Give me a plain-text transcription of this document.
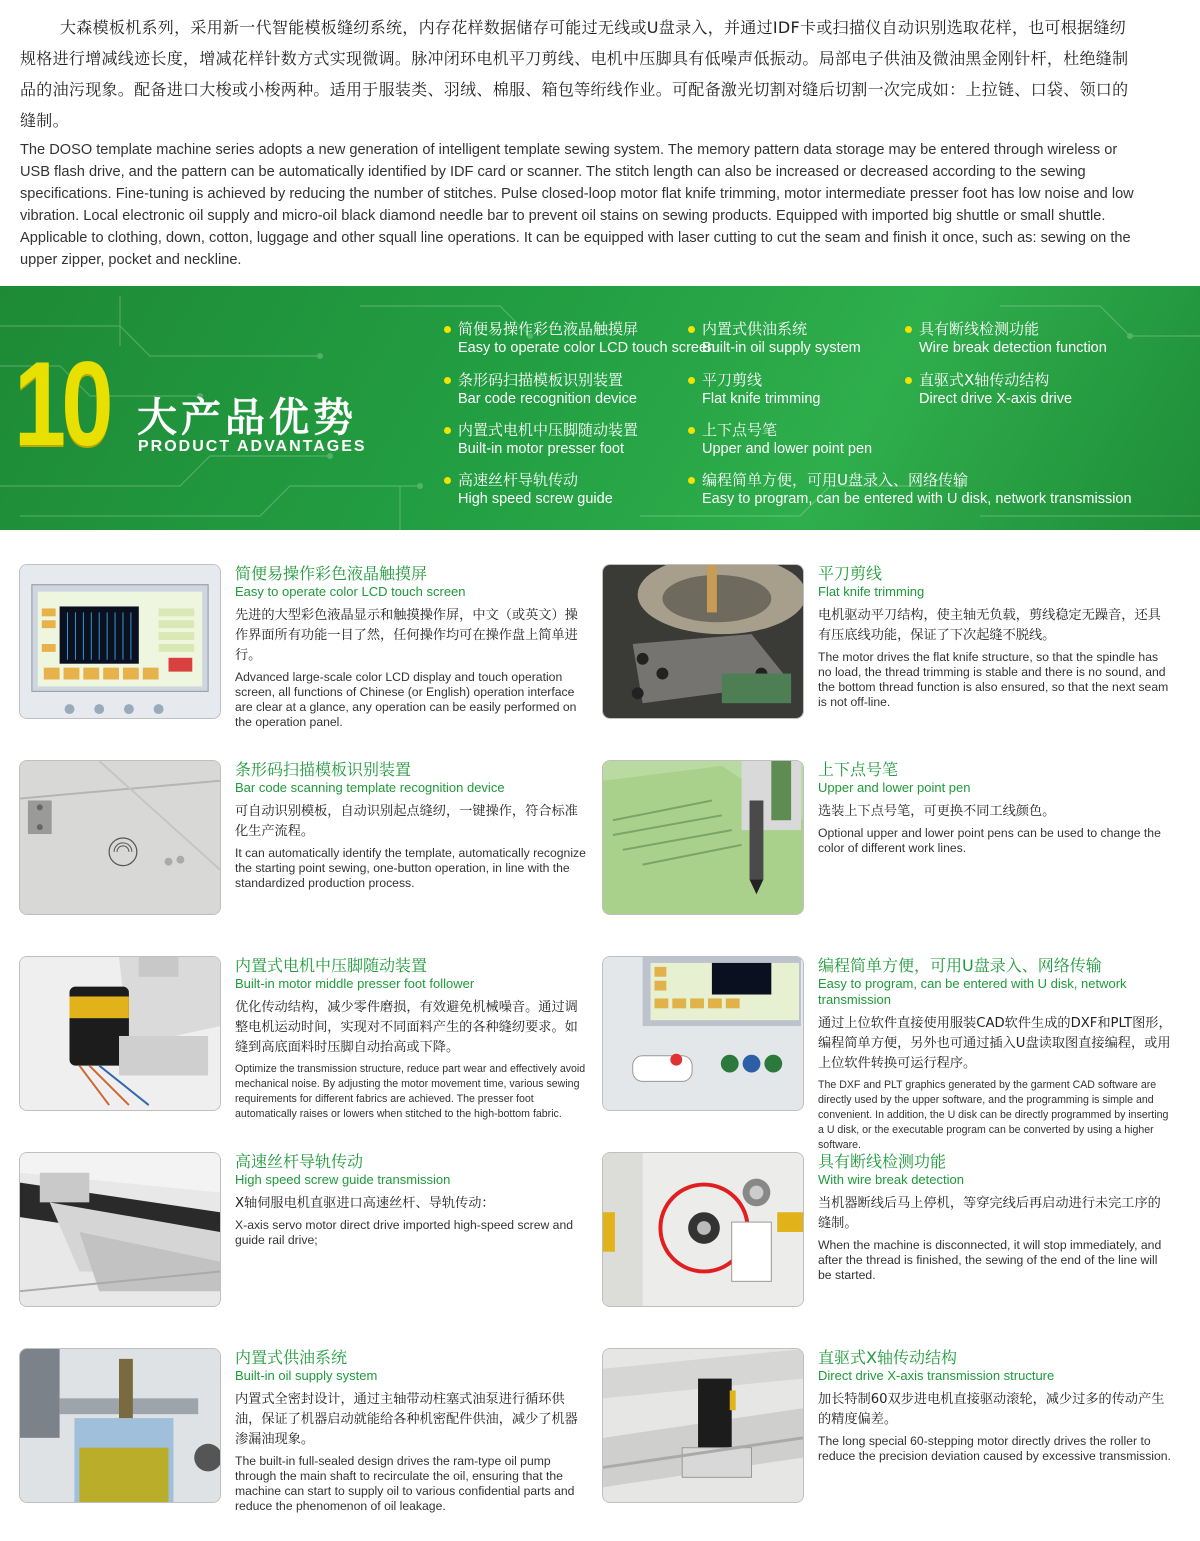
大森模板机系列，采用新一代智能模板缝纫系统，内存花样数据储存可能过无线或U盘录入，并通过IDF卡或扫描仪自动识别选取花样，也可根据缝纫规格进行增减线迹长度，增减花样针数方式实现微调。脉冲闭环电机平刀剪线、电机中压脚具有低噪声低振动。局部电子供油及微油黑金刚针杆，杜绝缝制品的油污现象。配备进口大梭或小梭两种。适用于服装类、羽绒、棉服、箱包等绗线作业。可配备激光切割对缝后切割一次完成如：上拉链、口袋、领口的缝制。

The DOSO template machine series adopts a new generation of intelligent template sewing system. The memory pattern data storage may be entered through wireless or USB flash drive, and the pattern can be automatically identified by IDF card or scanner. The stitch length can also be increased or decreased according to the sewing specifications. Fine-tuning is achieved by reducing the number of stitches. Pulse closed-loop motor flat knife trimming, motor intermediate presser foot has low noise and low vibration. Local electronic oil supply and micro-oil black diamond needle bar to prevent oil stains on sewing products. Equipped with imported big shuttle or small shuttle. Applicable to clothing, down, cotton, luggage and other squall line operations. It can be equipped with laser cutting to cut the seam and finish it once, such as: sewing on the upper zipper, pocket and neckline.

10 大产品优势
PRODUCT ADVANTAGES
简便易操作彩色液晶触摸屏
Easy to operate color LCD touch screen
条形码扫描模板识别装置
Bar code recognition device
内置式电机中压脚随动装置
Built-in motor presser foot
高速丝杆导轨传动
High speed screw guide
内置式供油系统
Built-in oil supply system
平刀剪线
Flat knife trimming
上下点号笔
Upper and lower point pen
编程简单方便，可用U盘录入、网络传输
Easy to program, can be entered with U disk, network transmission
具有断线检测功能
Wire break detection function
直驱式X轴传动结构
Direct drive X-axis drive
简便易操作彩色液晶触摸屏
Easy to operate color LCD touch screen
先进的大型彩色液晶显示和触摸操作屏，中文（或英文）操作界面所有功能一目了然，任何操作均可在操作盘上简单进行。
Advanced large-scale color LCD display and touch operation screen, all functions of Chinese (or English) operation interface are clear at a glance, any operation can be easily performed on the operation panel.
平刀剪线
Flat knife trimming
电机驱动平刀结构，使主轴无负载，剪线稳定无躁音，还具有压底线功能，保证了下次起缝不脱线。
The motor drives the flat knife structure, so that the spindle has no load, the thread trimming is stable and there is no sound, and the bottom thread function is also ensured, so that the next seam is not off-line.
条形码扫描模板识别装置
Bar code scanning template recognition device
可自动识别模板，自动识别起点缝纫，一键操作，符合标准化生产流程。
It can automatically identify the template, automatically recognize the starting point sewing, one-button operation, in line with the standardized production process.
上下点号笔
Upper and lower point pen
选装上下点号笔，可更换不同工线颜色。
Optional upper and lower point pens can be used to change the color of different work lines.
内置式电机中压脚随动装置
Built-in motor middle presser foot follower
优化传动结构，减少零件磨损，有效避免机械噪音。通过调整电机运动时间，实现对不同面料产生的各种缝纫要求。如缝到高底面料时压脚自动抬高或下降。
Optimize the transmission structure, reduce part wear and effectively avoid mechanical noise. By adjusting the motor movement time, various sewing requirements for different fabrics are achieved. The presser foot automatically raises or lowers when stitched to the high-bottom fabric.
编程简单方便，可用U盘录入、网络传输
Easy to program, can be entered with U disk, network transmission
通过上位软件直接使用服装CAD软件生成的DXF和PLT图形，编程简单方便，另外也可通过插入U盘读取图直接编程，或用上位软件转换可运行程序。
The DXF and PLT graphics generated by the garment CAD software are directly used by the upper software, and the programming is simple and convenient. In addition, the U disk can be directly programmed by inserting a U disk, or the executable program can be converted by using a higher software.
高速丝杆导轨传动
High speed screw guide transmission
X轴伺服电机直驱进口高速丝杆、导轨传动：
X-axis servo motor direct drive imported high-speed screw and guide rail drive;
具有断线检测功能
With wire break detection
当机器断线后马上停机，等穿完线后再启动进行未完工序的缝制。
When the machine is disconnected, it will stop immediately, and after the thread is finished, the sewing of the end of the line will be started.
内置式供油系统
Built-in oil supply system
内置式全密封设计，通过主轴带动柱塞式油泵进行循环供油，保证了机器启动就能给各种机密配件供油，减少了机器渗漏油现象。
The built-in full-sealed design drives the ram-type oil pump through the main shaft to recirculate the oil, ensuring that the machine can start to supply oil to various confidential parts and reduce the phenomenon of oil leakage.
直驱式X轴传动结构
Direct drive X-axis transmission structure
加长特制60双步进电机直接驱动滚轮，减少过多的传动产生的精度偏差。
The long special 60-stepping motor directly drives the roller to reduce the precision deviation caused by excessive transmission.
